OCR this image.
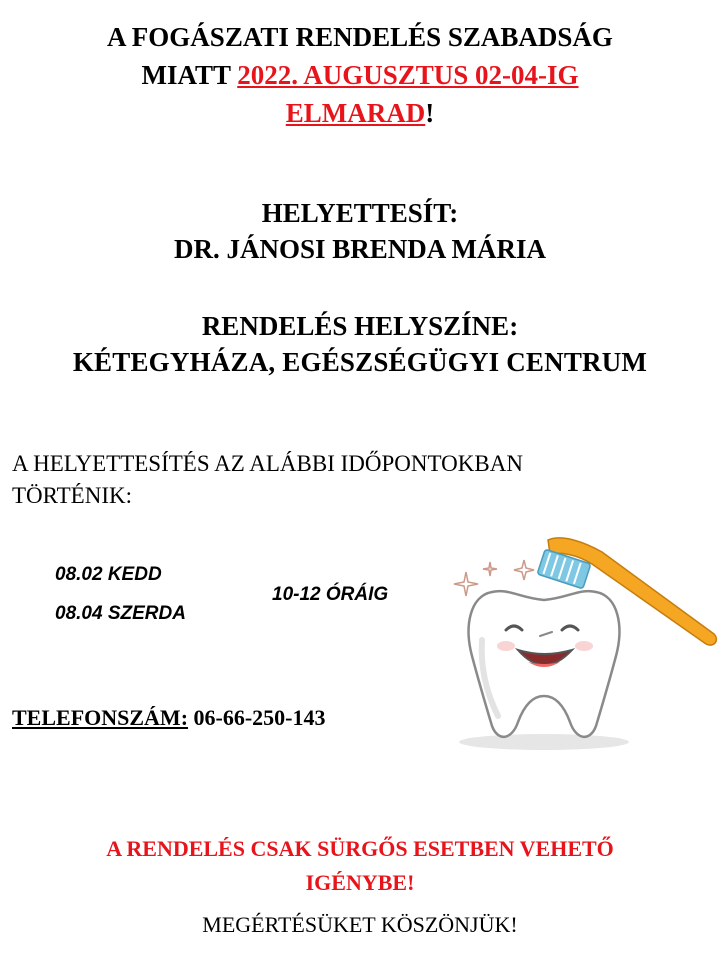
A FOGÁSZATI RENDELÉS SZABADSÁG
MIATT 2022. AUGUSZTUS 02-04-IG
ELMARAD!
HELYETTESÍT:
DR. JÁNOSI BRENDA MÁRIA
RENDELÉS HELYSZÍNE:
KÉTEGYHÁZA, EGÉSZSÉGÜGYI CENTRUM
A HELYETTESÍTÉS AZ ALÁBBI IDŐPONTOKBAN
TÖRTÉNIK:
08.02 KEDD
08.04 SZERDA
10-12 ÓRÁIG
TELEFONSZÁM: 06-66-250-143
A RENDELÉS CSAK SÜRGŐS ESETBEN VEHETŐ
IGÉNYBE!
MEGÉRTÉSÜKET KÖSZÖNJÜK!
